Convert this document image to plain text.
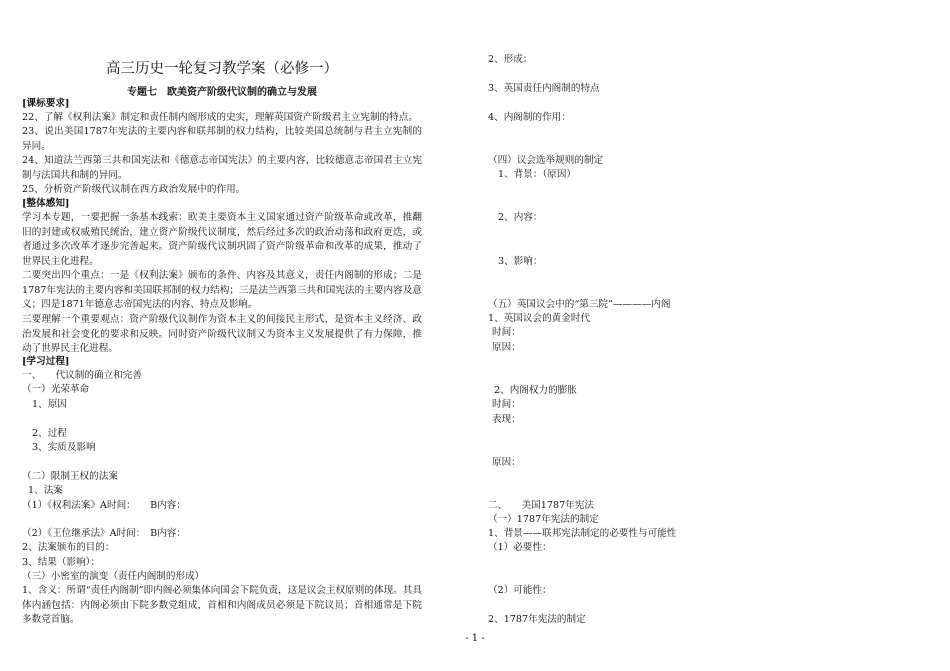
高三历史一轮复习教学案（必修一）
专题七　欧美资产阶级代议制的确立与发展
[课标要求]
22、了解《权利法案》制定和责任制内阁形成的史实，理解英国资产阶级君主立宪制的特点。

23、说出美国1787年宪法的主要内容和联邦制的权力结构，比较美国总统制与君主立宪制的异同。

24、知道法兰西第三共和国宪法和《德意志帝国宪法》的主要内容，比较德意志帝国君主立宪制与法国共和制的异同。

25、分析资产阶级代议制在西方政治发展中的作用。
[整体感知]

学习本专题，一要把握一条基本线索：欧美主要资本主义国家通过资产阶级革命或改革，推翻旧的封建或权威殖民统治，建立资产阶级代议制度，然后经过多次的政治动荡和政府更迭，或者通过多次改革才逐步完善起来。资产阶级代议制巩固了资产阶级革命和改革的成果，推动了世界民主化进程。

二要突出四个重点：一是《权利法案》颁布的条件、内容及其意义，责任内阁制的形成；二是1787年宪法的主要内容和美国联邦制的权力结构；三是法兰西第三共和国宪法的主要内容及意义；四是1871年德意志帝国宪法的内容、特点及影响。

三要理解一个重要观点：资产阶级代议制作为资本主义的间接民主形式，是资本主义经济、政治发展和社会变化的要求和反映。同时资产阶级代议制又为资本主义发展提供了有力保障，推动了世界民主化进程。

[学习过程]
一、　　代议制的确立和完善
（一）光荣革命
1、原因
2、过程
3、实质及影响
（二）限制王权的法案
1、法案
（1）《权利法案》A时间：　　B内容：
（2）《王位继承法》A时间：　B内容：
2、法案颁布的目的：
3、结果（影响）：
（三）小密室的演变（责任内阁制的形成）

1、含义：所谓“责任内阁制”即内阁必须集体向国会下院负责，这是议会主权原则的体现。其具体内涵包括：内阁必须由下院多数党组成，首相和内阁成员必须是下院议员；首相通常是下院多数党首脑。

2、形成：
3、英国责任内阁制的特点
4、内阁制的作用：
（四）议会选举规则的制定
1、背景：（原因）
2、内容：
3、影响：
（五）英国议会中的“第三院”————内阁
1、英国议会的黄金时代
时间：
原因：
2、内阁权力的膨胀
时间：
表现：
原因：
二、　　美国1787年宪法
（一）1787年宪法的制定
1、背景——联邦宪法制定的必要性与可能性
（1）必要性：
（2）可能性：
2、1787年宪法的制定
- 1 -
